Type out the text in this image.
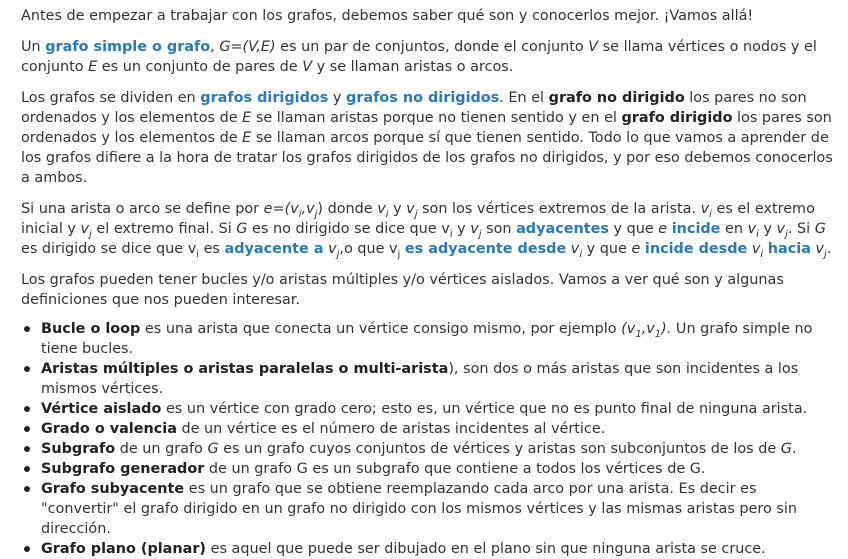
Antes de empezar a trabajar con los grafos, debemos saber qué son y conocerlos mejor. ¡Vamos allá!

Un grafo simple o grafo, G=(V,E) es un par de conjuntos, donde el conjunto V se llama vértices o nodos y el conjunto E es un conjunto de pares de V y se llaman aristas o arcos.

Los grafos se dividen en grafos dirigidos y grafos no dirigidos. En el grafo no dirigido los pares no son ordenados y los elementos de E se llaman aristas porque no tienen sentido y en el grafo dirigido los pares son ordenados y los elementos de E se llaman arcos porque sí que tienen sentido. Todo lo que vamos a aprender de los grafos difiere a la hora de tratar los grafos dirigidos de los grafos no dirigidos, y por eso debemos conocerlos a ambos.

Si una arista o arco se define por $e=(v_i,v_j)$ donde $v_i$ y $v_j$ son los vértices extremos de la arista. $v_i$ es el extremo inicial y $v_j$ el extremo final. Si G es no dirigido se dice que $v_i$ y $v_j$ son adyacentes y que e incide en $v_i$ y $v_j$. Si G es dirigido se dice que $v_i$ es adyacente a $v_j,o$ que $v_j$ es adyacente desde $v_i$ y que e incide desde $v_i$ hacia $v_j$.

Los grafos pueden tener bucles y/o aristas múltiples y/o vértices aislados. Vamos a ver qué son y algunas definiciones que nos pueden interesar.

Bucle o loop es una arista que conecta un vértice consigo mismo, por ejemplo $(v_1,v_1)$. Un grafo simple no tiene bucles.
Aristas múltiples o aristas paralelas o multi-arista), son dos o más aristas que son incidentes a los mismos vértices.
Vértice aislado es un vértice con grado cero; esto es, un vértice que no es punto final de ninguna arista.
Grado o valencia de un vértice es el número de aristas incidentes al vértice.
Subgrafo de un grafo G es un grafo cuyos conjuntos de vértices y aristas son subconjuntos de los de G.
Subgrafo generador de un grafo G es un subgrafo que contiene a todos los vértices de G.
Grafo subyacente es un grafo que se obtiene reemplazando cada arco por una arista. Es decir es "convertir" el grafo dirigido en un grafo no dirigido con los mismos vértices y las mismas aristas pero sin dirección.
Grafo plano (planar) es aquel que puede ser dibujado en el plano sin que ninguna arista se cruce.
